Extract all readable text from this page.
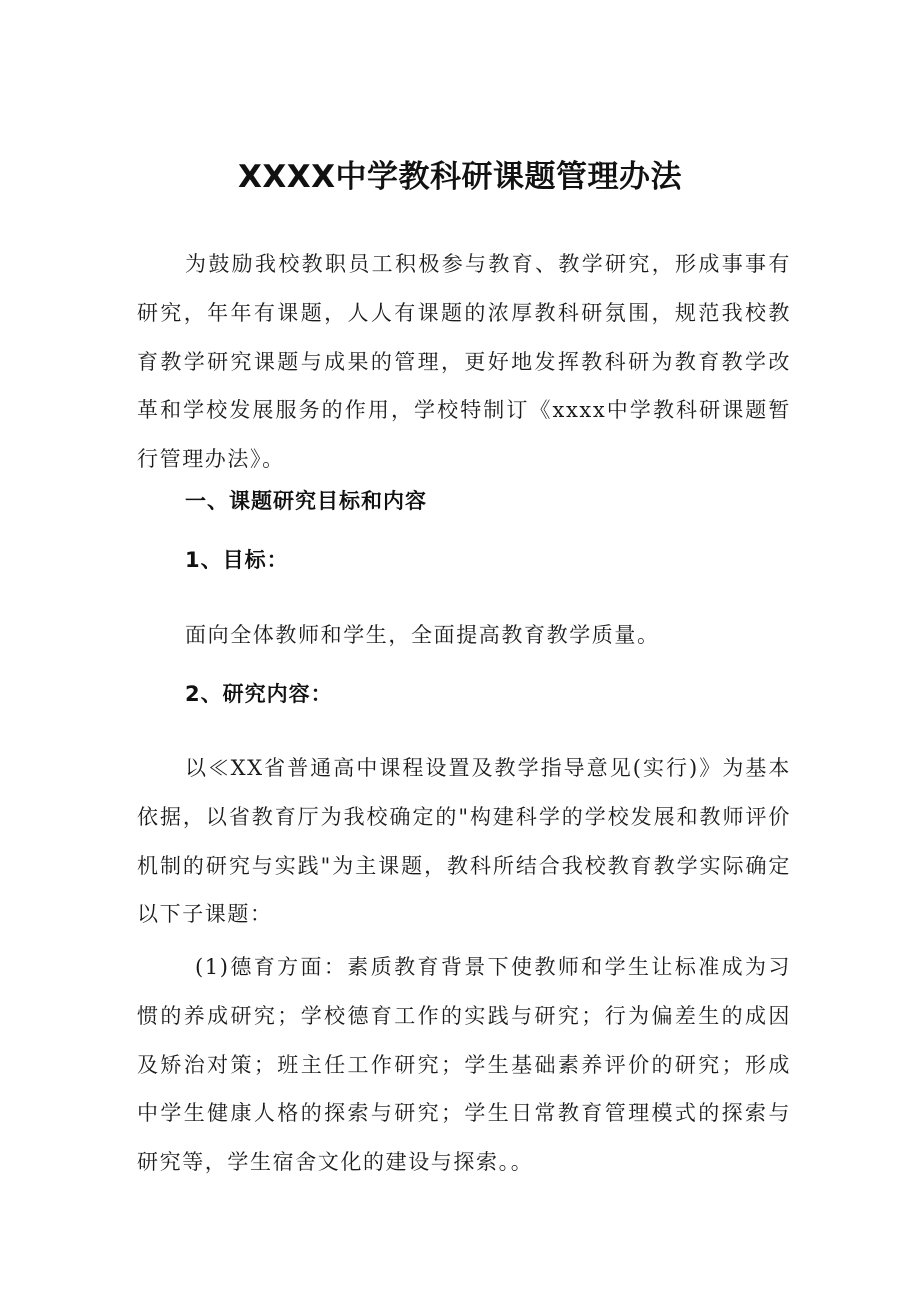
XXXX中学教科研课题管理办法

为鼓励我校教职员工积极参与教育、教学研究，形成事事有研究，年年有课题，人人有课题的浓厚教科研氛围，规范我校教育教学研究课题与成果的管理，更好地发挥教科研为教育教学改革和学校发展服务的作用，学校特制订《xxxx中学教科研课题暂行管理办法》。

一、课题研究目标和内容
1、目标：

面向全体教师和学生，全面提高教育教学质量。

2、研究内容：

以≪XX省普通高中课程设置及教学指导意见(实行)》为基本依据，以省教育厅为我校确定的"构建科学的学校发展和教师评价机制的研究与实践"为主课题，教科所结合我校教育教学实际确定以下子课题：

(1)德育方面：素质教育背景下使教师和学生让标准成为习惯的养成研究；学校德育工作的实践与研究；行为偏差生的成因及矫治对策；班主任工作研究；学生基础素养评价的研究；形成中学生健康人格的探索与研究；学生日常教育管理模式的探索与研究等，学生宿舍文化的建设与探索。。
